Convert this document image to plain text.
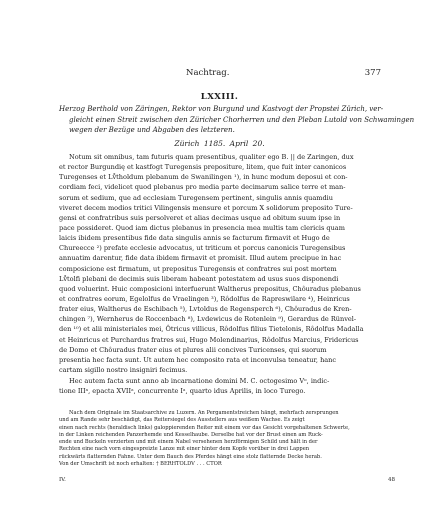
Nachtrag.	377
LXXIII.
Herzog Berthold von Zäringen, Rektor von Burgund und Kastvogt der Propstei Zürich, ver-
gleicht einen Streit zwischen den Züricher Chorherren und den Pleban Lutold von Schwamingen
wegen der Bezüge und Abgaben des letzteren.
Zürich 1185. April 20.
Notum sit omnibus, tam futuris quam presentibus, qualiter ego B. || de Zaringen, dux
et rector Burgundię et kastfogt Turegensis prepositure, litem, que fuit inter canonicos
Turegenses et Lv̊tholdum plebanum de Swanilingen ¹), in hunc modum deposui et con-
cordiam feci, videlicet quod plebanus pro media parte decimarum salice terre et man-
sorum et sedium, que ad ecclesiam Turegensem pertinent, singulis annis quamdiu
viveret decem modios tritici Vilingensis mensure et porcum X solidorum preposito Ture-
gensi et confratribus suis persolveret et alias decimas usque ad obitum suum ipse in
pace possideret. Quod iam dictus plebanus in presencia mea multis tam clericis quam
laicis ibidem presentibus fide data singulis annis se facturum firmavit et Hugo de
Chureecce ²) prefate ecclesie advocatus, ut triticum et porcus canonicis Turegensibus
annuatim darentur, fide data ibidem firmavit et promisit. Illud autem precipue in hac
composicione est firmatum, ut prepositus Turegensis et confratres sui post mortem
Lv̊tolfi plebani de decimis suis liberam habeant potestatem ad usus suos disponendi
quod voluerint. Huic composicioni interfuerunt Waltherus prepositus, Chôuradus plebanus
et confratres eorum, Egelolfus de Vraelingen ³), Rôdolfus de Rapreswilare ⁴), Heinricus
frater eius, Waltherus de Eschibach ⁵), Lvtoldus de Regensperch ⁶), Chôuradus de Kren-
chingen ⁷), Wernherus de Roccenbach ⁸), Lvdewicus de Rotenlein ⁹), Gerardus de Rünvel-
den ¹⁰) et alii ministeriales mei, Ôtricus villicus, Rôdolfus filius Tietelonis, Rôdolfus Madalla
et Heinricus et Purchardus fratres sui, Hugo Molendinarius, Rôdolfus Marcius, Fridericus
de Domo et Chôuradus frater eius et plures alii concives Turicenses, qui suorum
presentia hec facta sunt. Ut autem hec composito rata et inconvulsa teneatur, hanc
cartam sigillo nostro insigniri fecimus.
Hec autem facta sunt anno ab incarnatione domini M. C. octogesimo Vᵒ, indic-
tione IIIᵃ, epacta XVIIᵃ, concurrente Iᵃ, quarto idus Aprilis, in loco Turego.
Nach dem Originale im Staatsarchive zu Luzern. An Pergamentstreichen hängt, mehrfach zersprungen
und am Rande sehr beschädigt, das Reitersiegel des Ausstellers aus weißem Wachse. Es zeigt
einen nach rechts (heraldisch links) galoppierenden Reiter mit einem vor das Gesicht vorgehaltenen Schwerte,
in der Linken reichenden Panzerhemde und Kesselhaube. Derselbe hat vor der Brust einen am Ruck-
ende und Buckeln verzierten und mit einem Nabel versehenen herzförmigen Schild und hält in der
Rechten eine nach vorn eingespreizte Lanze mit einer hinter dem Kopfe vorüber in drei Lappen
rückwärts flatternden Fahne. Unter dem Bauch des Pferdes hängt eine stolz flatternde Decke herab.
Von der Umschrift ist noch erhalten: † BERHTOLDV . . . CTOR
IV.	48
